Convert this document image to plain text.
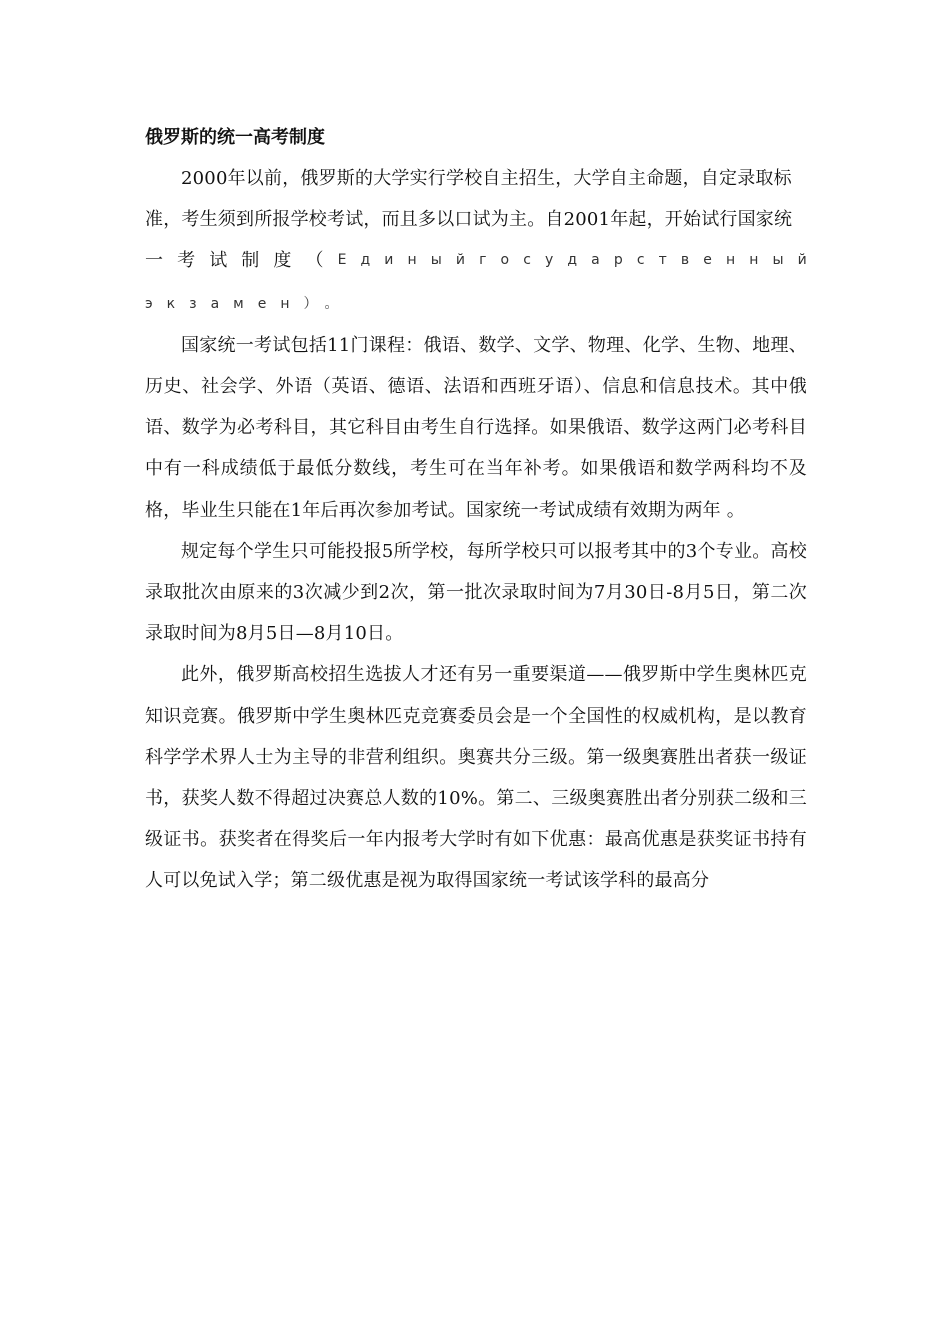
俄罗斯的统一高考制度

2000年以前，俄罗斯的大学实行学校自主招生，大学自主命题，自定录取标

准，考生须到所报学校考试，而且多以口试为主。自2001年起，开始试行国家统

一 考 试 制 度 （ Е д и н ы й г о с у д а р с т в е н н ы й

экзамен）。

国家统一考试包括11门课程：俄语、数学、文学、物理、化学、生物、地理、历史、社会学、外语（英语、德语、法语和西班牙语）、信息和信息技术。其中俄语、数学为必考科目，其它科目由考生自行选择。如果俄语、数学这两门必考科目中有一科成绩低于最低分数线，考生可在当年补考。如果俄语和数学两科均不及格，毕业生只能在1年后再次参加考试。国家统一考试成绩有效期为两年 。

规定每个学生只可能投报5所学校，每所学校只可以报考其中的3个专业。高校录取批次由原来的3次减少到2次，第一批次录取时间为7月30日-8月5日，第二次录取时间为8月5日—8月10日。

此外，俄罗斯高校招生选拔人才还有另一重要渠道——俄罗斯中学生奥林匹克知识竞赛。俄罗斯中学生奥林匹克竞赛委员会是一个全国性的权威机构，是以教育科学学术界人士为主导的非营利组织。奥赛共分三级。第一级奥赛胜出者获一级证书，获奖人数不得超过决赛总人数的10%。第二、三级奥赛胜出者分别获二级和三级证书。获奖者在得奖后一年内报考大学时有如下优惠：最高优惠是获奖证书持有人可以免试入学；第二级优惠是视为取得国家统一考试该学科的最高分
